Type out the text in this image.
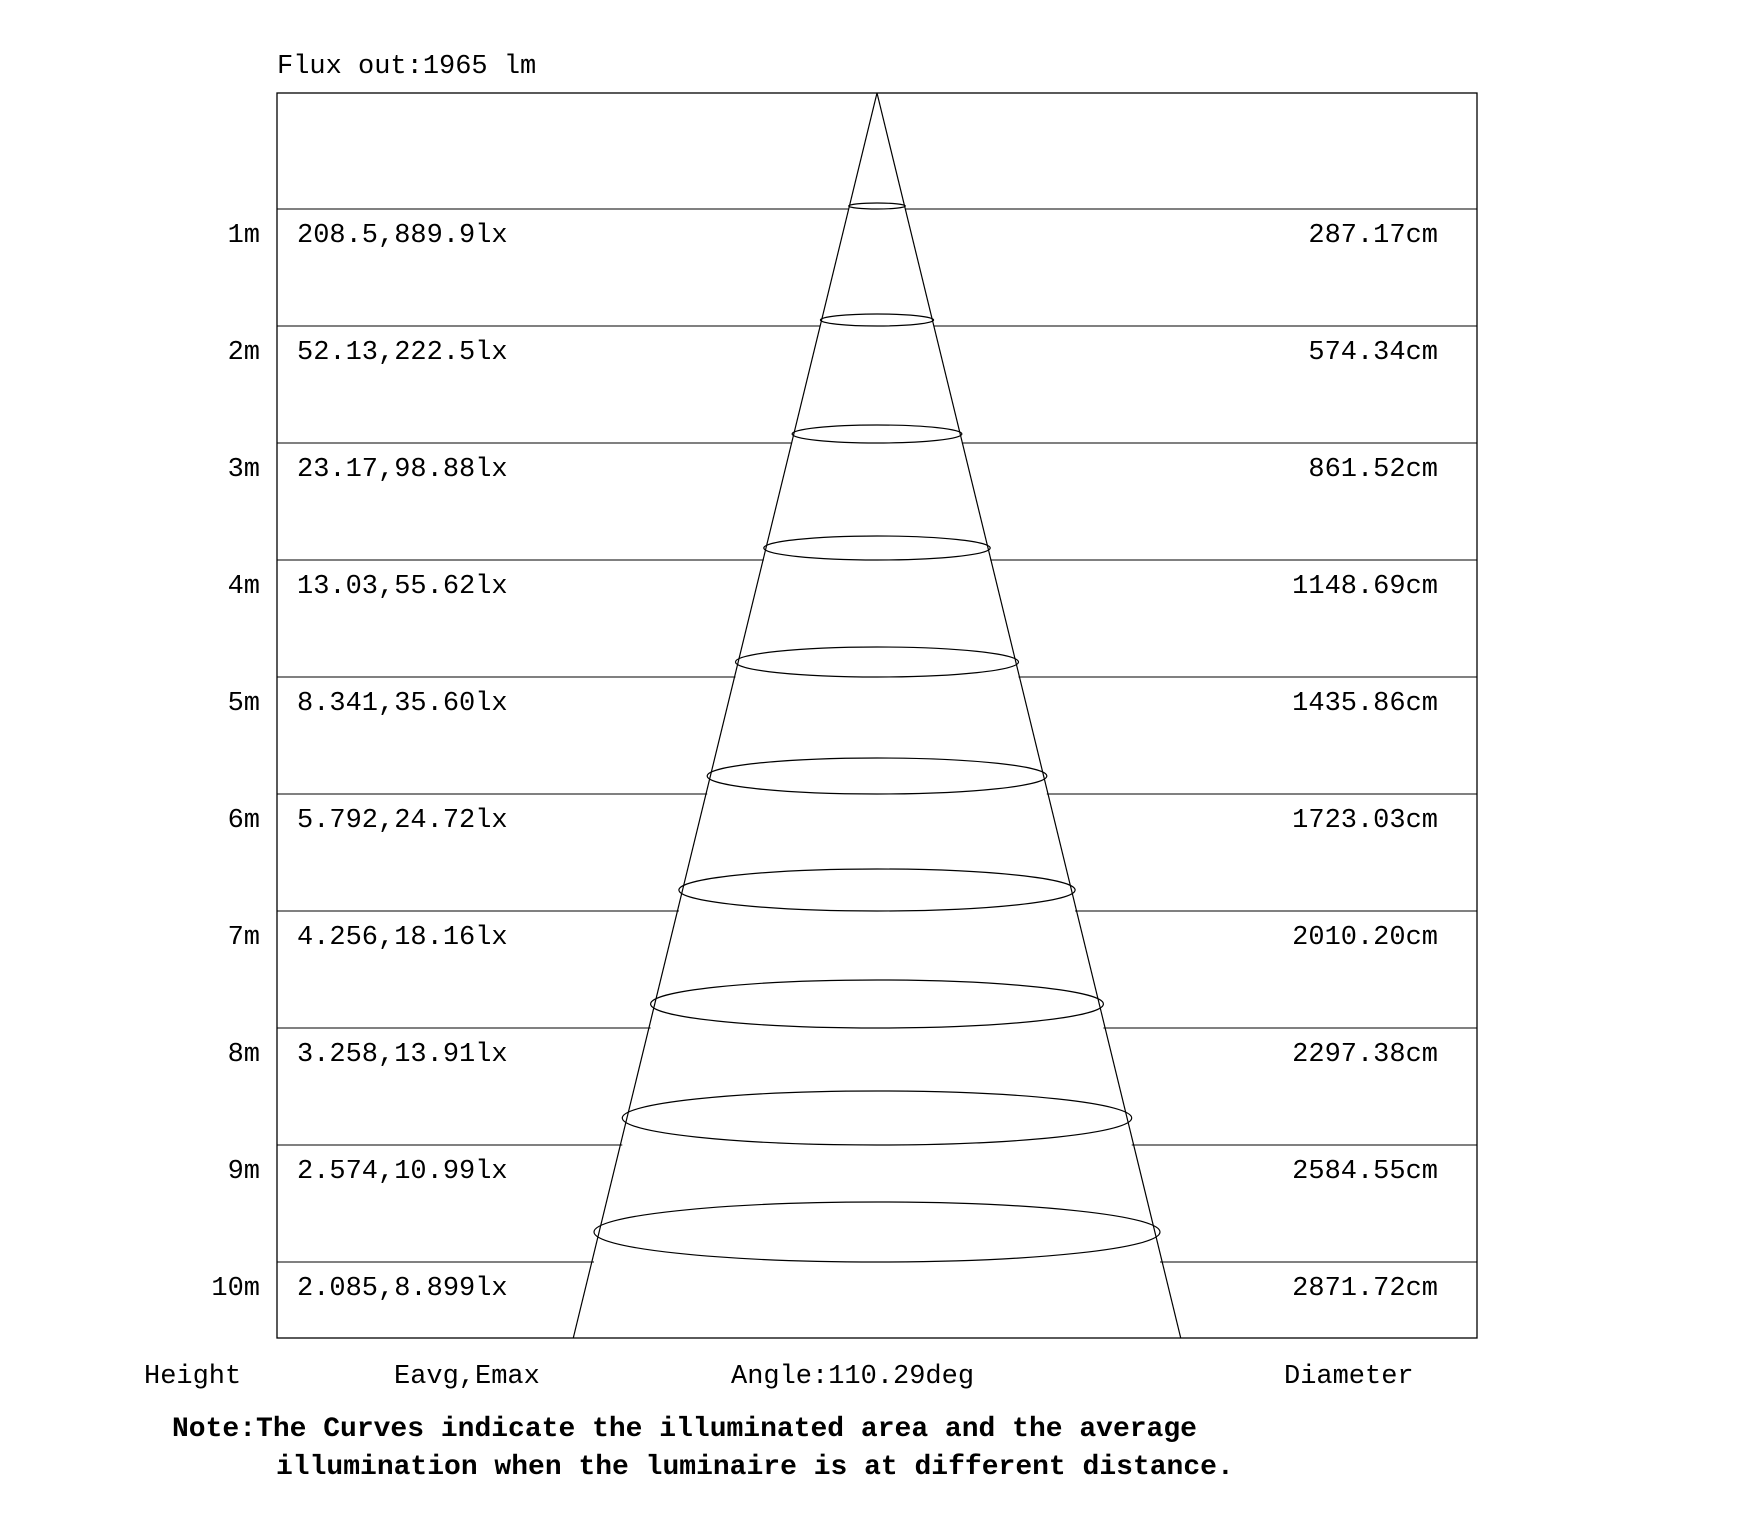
Flux out:1965 lm
1m 208.5,889.9lx	287.17cm
2m 52.13,222.5lx	574.34cm
3m 23.17,98.88lx	861.52cm
4m 13.03,55.62lx	1148.69cm
5m 8.341,35.60lx	1435.86cm
6m 5.792,24.72lx	1723.03cm
7m 4.256,18.16lx	2010.20cm
8m 3.258,13.91lx	2297.38cm
9m 2.574,10.99lx	2584.55cm
10m 2.085,8.899lx	2871.72cm
Height	Eavg,Emax	Angle:110.29deg	Diameter
Note:The Curves indicate the illuminated area and the average
illumination when the luminaire is at different distance.
